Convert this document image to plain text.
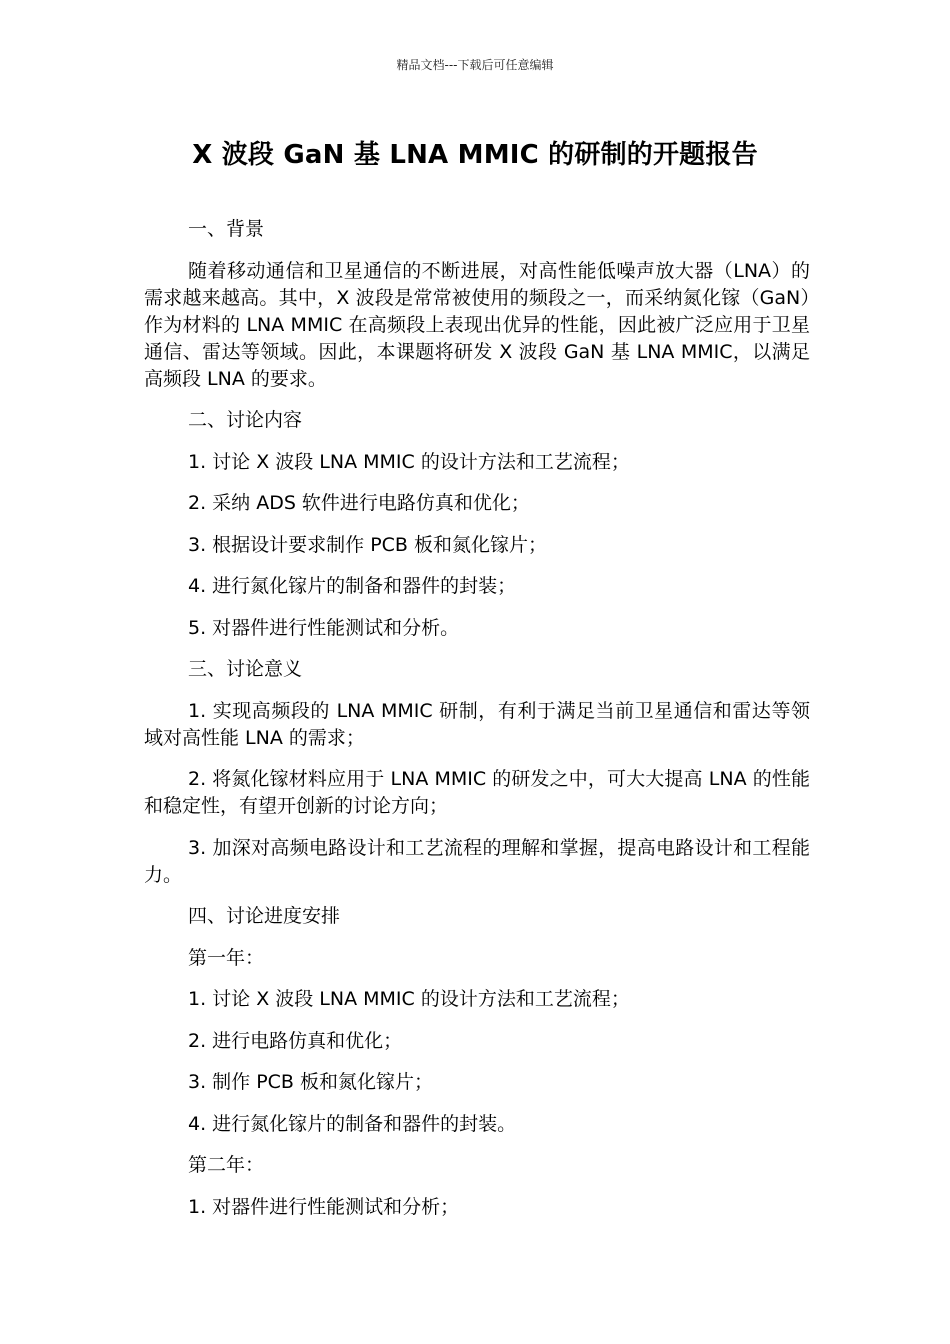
精品文档---下载后可任意编辑
X 波段 GaN 基 LNA MMIC 的研制的开题报告

一、背景

随着移动通信和卫星通信的不断进展，对高性能低噪声放大器（LNA）的需求越来越高。其中，X 波段是常常被使用的频段之一，而采纳氮化镓（GaN）作为材料的 LNA MMIC 在高频段上表现出优异的性能，因此被广泛应用于卫星通信、雷达等领域。因此，本课题将研发 X 波段 GaN 基 LNA MMIC，以满足高频段 LNA 的要求。

二、讨论内容

1. 讨论 X 波段 LNA MMIC 的设计方法和工艺流程；

2. 采纳 ADS 软件进行电路仿真和优化；

3. 根据设计要求制作 PCB 板和氮化镓片；

4. 进行氮化镓片的制备和器件的封装；

5. 对器件进行性能测试和分析。

三、讨论意义

1. 实现高频段的 LNA MMIC 研制，有利于满足当前卫星通信和雷达等领域对高性能 LNA 的需求；

2. 将氮化镓材料应用于 LNA MMIC 的研发之中，可大大提高 LNA 的性能和稳定性，有望开创新的讨论方向；

3. 加深对高频电路设计和工艺流程的理解和掌握，提高电路设计和工程能力。

四、讨论进度安排

第一年：

1. 讨论 X 波段 LNA MMIC 的设计方法和工艺流程；

2. 进行电路仿真和优化；

3. 制作 PCB 板和氮化镓片；

4. 进行氮化镓片的制备和器件的封装。

第二年：

1. 对器件进行性能测试和分析；
